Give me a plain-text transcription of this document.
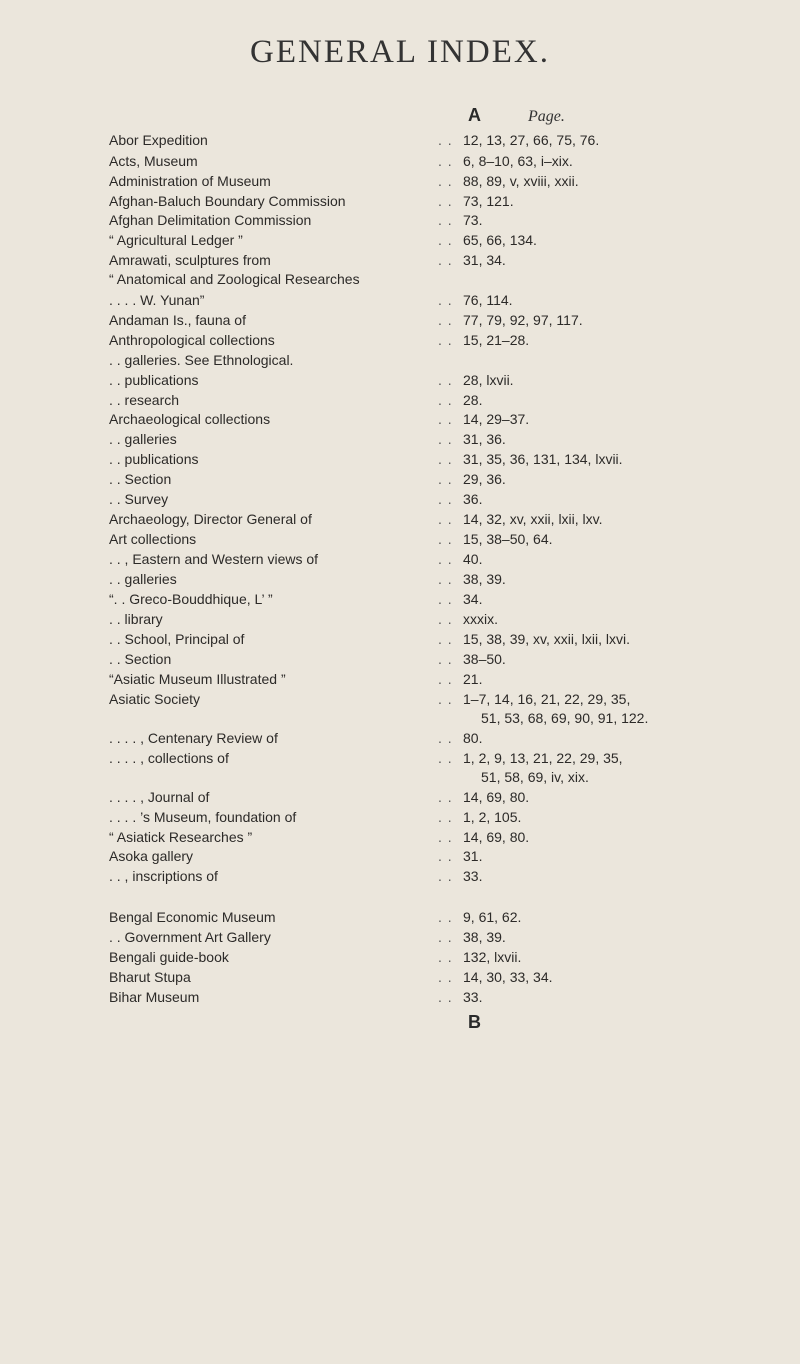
GENERAL INDEX.
A	Page.
Abor Expedition	. . 12, 13, 27, 66, 75, 76.
Acts, Museum	. . 6, 8–10, 63, i–xix.
Administration of Museum	. . 88, 89, v, xviii, xxii.
Afghan-Baluch Boundary Commission	. . 73, 121.
Afghan Delimitation Commission	. . 73.
“ Agricultural Ledger ”	. . 65, 66, 134.
Amrawati, sculptures from	. . 31, 34.
“ Anatomical and Zoological Researches
. . . . W. Yunan”	. . 76, 114.
Andaman Is., fauna of	. . 77, 79, 92, 97, 117.
Anthropological collections	. . 15, 21–28.
. . galleries. See Ethnological.
. . publications	. . 28, lxvii.
. . research	. . 28.
Archaeological collections	. . 14, 29–37.
. . galleries	. . 31, 36.
. . publications	. . 31, 35, 36, 131, 134, lxvii.
. . Section	. . 29, 36.
. . Survey	. . 36.
Archaeology, Director General of	. . 14, 32, xv, xxii, lxii, lxv.
Art collections	. . 15, 38–50, 64.
. . , Eastern and Western views of	. . 40.
. . galleries	. . 38, 39.
“. . Greco-Bouddhique, L’ ”	. . 34.
. . library	. . xxxix.
. . School, Principal of	. . 15, 38, 39, xv, xxii, lxii, lxvi.
. . Section	. . 38–50.
“Asiatic Museum Illustrated ”	. . 21.
Asiatic Society	. . 1–7, 14, 16, 21, 22, 29, 35,
51, 53, 68, 69, 90, 91, 122.
. . . . , Centenary Review of	. . 80.
. . . . , collections of	. . 1, 2, 9, 13, 21, 22, 29, 35,
51, 58, 69, iv, xix.
. . . . , Journal of	. . 14, 69, 80.
. . . . ’s Museum, foundation of	. . 1, 2, 105.
“ Asiatick Researches ”	. . 14, 69, 80.
Asoka gallery	. . 31.
. . , inscriptions of	. . 33.
B
Bengal Economic Museum	. . 9, 61, 62.
. . Government Art Gallery	. . 38, 39.
Bengali guide-book	. . 132, lxvii.
Bharut Stupa	. . 14, 30, 33, 34.
Bihar Museum	. . 33.
